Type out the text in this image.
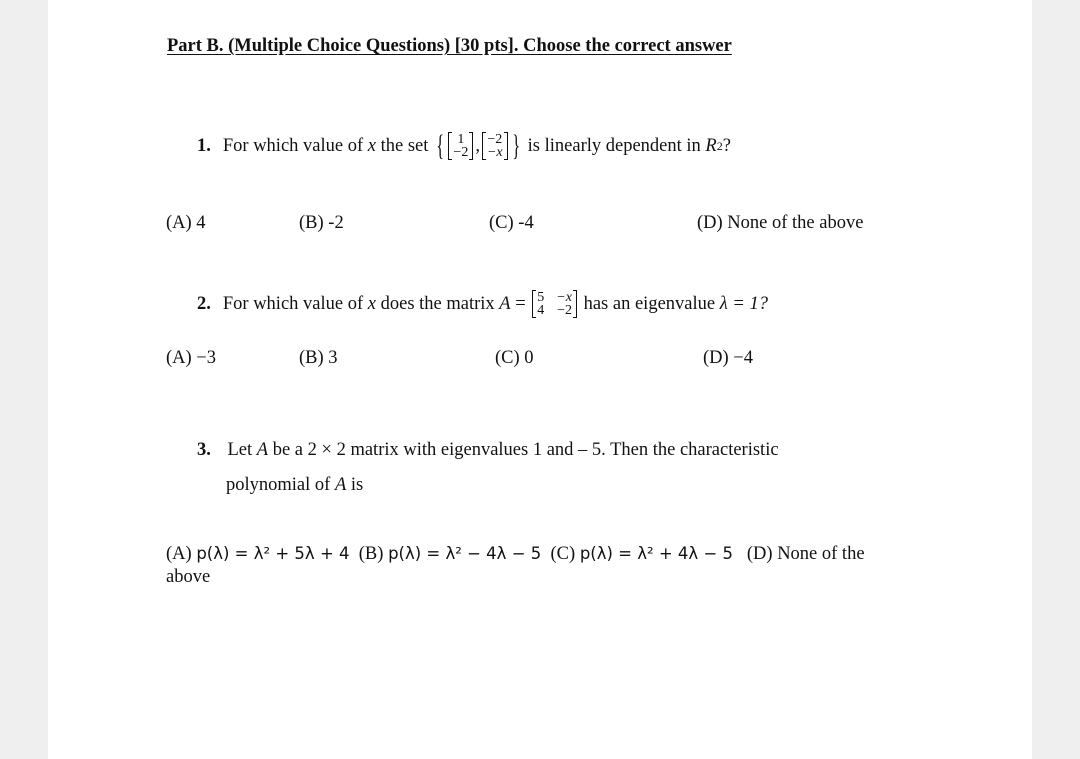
Part B. (Multiple Choice Questions) [30 pts]. Choose the correct answer
1. For which value of
x
the set
{ 1
−2 , −2
−x }
is linearly dependent in
R 2 ?
(A) 4	(B) -2	(C) -4	(D) None of the above
2. For which value of
x
does the matrix
A
=
5 −x
4 −2
has an eigenvalue
λ = 1?
(A) −3	(B) 3	(C) 0	(D) −4
3. Let A be a 2 × 2 matrix with eigenvalues 1 and – 5. Then the characteristic
polynomial of A is
(A) p(λ) = λ² + 5λ + 4
(B) p(λ) = λ² − 4λ − 5
(C) p(λ) = λ² + 4λ − 5
(D) None of the
above
